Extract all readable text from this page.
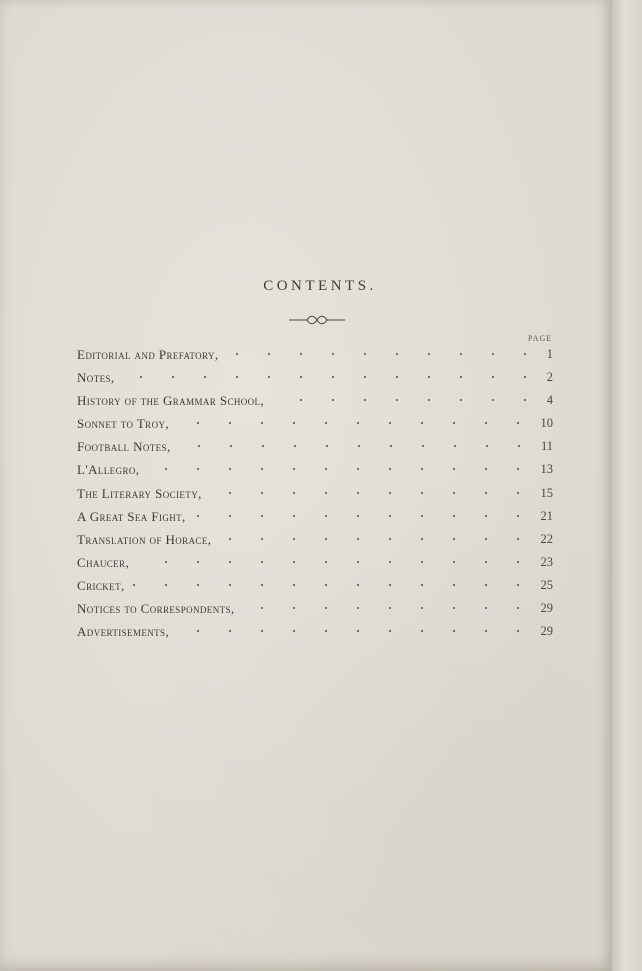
CONTENTS.
PAGE
Editorial and Prefatory,	1
Notes,	2
History of the Grammar School,	4
Sonnet to Troy,	10
Football Notes,	11
L'Allegro,	13
The Literary Society,	15
A Great Sea Fight,	21
Translation of Horace,	22
Chaucer,	23
Cricket,	25
Notices to Correspondents,	29
Advertisements,	29
